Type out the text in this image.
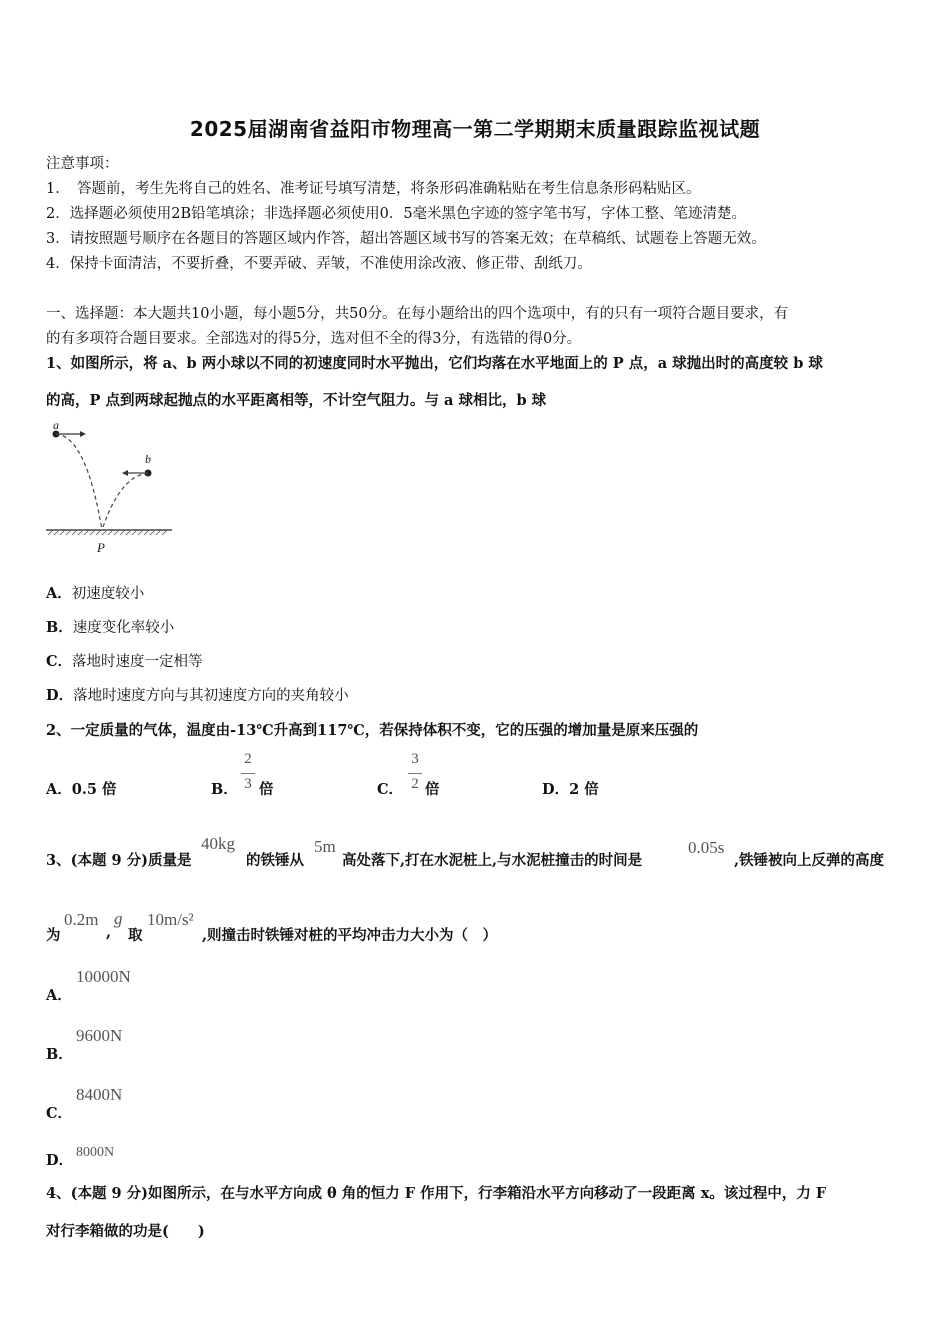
2025届湖南省益阳市物理高一第二学期期末质量跟踪监视试题
注意事项：
1．　答题前，考生先将自己的姓名、准考证号填写清楚，将条形码准确粘贴在考生信息条形码粘贴区。
2．选择题必须使用2B铅笔填涂；非选择题必须使用0．5毫米黑色字迹的签字笔书写，字体工整、笔迹清楚。
3．请按照题号顺序在各题目的答题区域内作答，超出答题区域书写的答案无效；在草稿纸、试题卷上答题无效。
4．保持卡面清洁，不要折叠，不要弄破、弄皱，不准使用涂改液、修正带、刮纸刀。
一、选择题：本大题共10小题，每小题5分，共50分。在每小题给出的四个选项中，有的只有一项符合题目要求，有
的有多项符合题目要求。全部选对的得5分，选对但不全的得3分，有选错的得0分。
1、如图所示，将 a、b 两小球以不同的初速度同时水平抛出，它们均落在水平地面上的 P 点，a 球抛出时的高度较 b 球
的高，P 点到两球起抛点的水平距离相等，不计空气阻力。与 a 球相比，b 球
a
b
P
A．初速度较小
B．速度变化率较小
C．落地时速度一定相等
D．落地时速度方向与其初速度方向的夹角较小
2、一定质量的气体，温度由-13℃升高到117℃，若保持体积不变，它的压强的增加量是原来压强的
A．0.5 倍	B．
2
3 倍	C．
3
2 倍	D．2 倍
3、(本题 9 分)质量是
40kg
的铁锤从
5m
高处落下,打在水泥桩上,与水泥桩撞击的时间是
0.05s
,铁锤被向上反弹的高度
为
0.2m
,
g
取
10m/s²
,则撞击时铁锤对桩的平均冲击力大小为（　）
A．
10000N
B．
9600N
C．
8400N
D． 8000N
4、(本题 9 分)如图所示，在与水平方向成 θ 角的恒力 F 作用下，行李箱沿水平方向移动了一段距离 x。该过程中，力 F
对行李箱做的功是(　　)
